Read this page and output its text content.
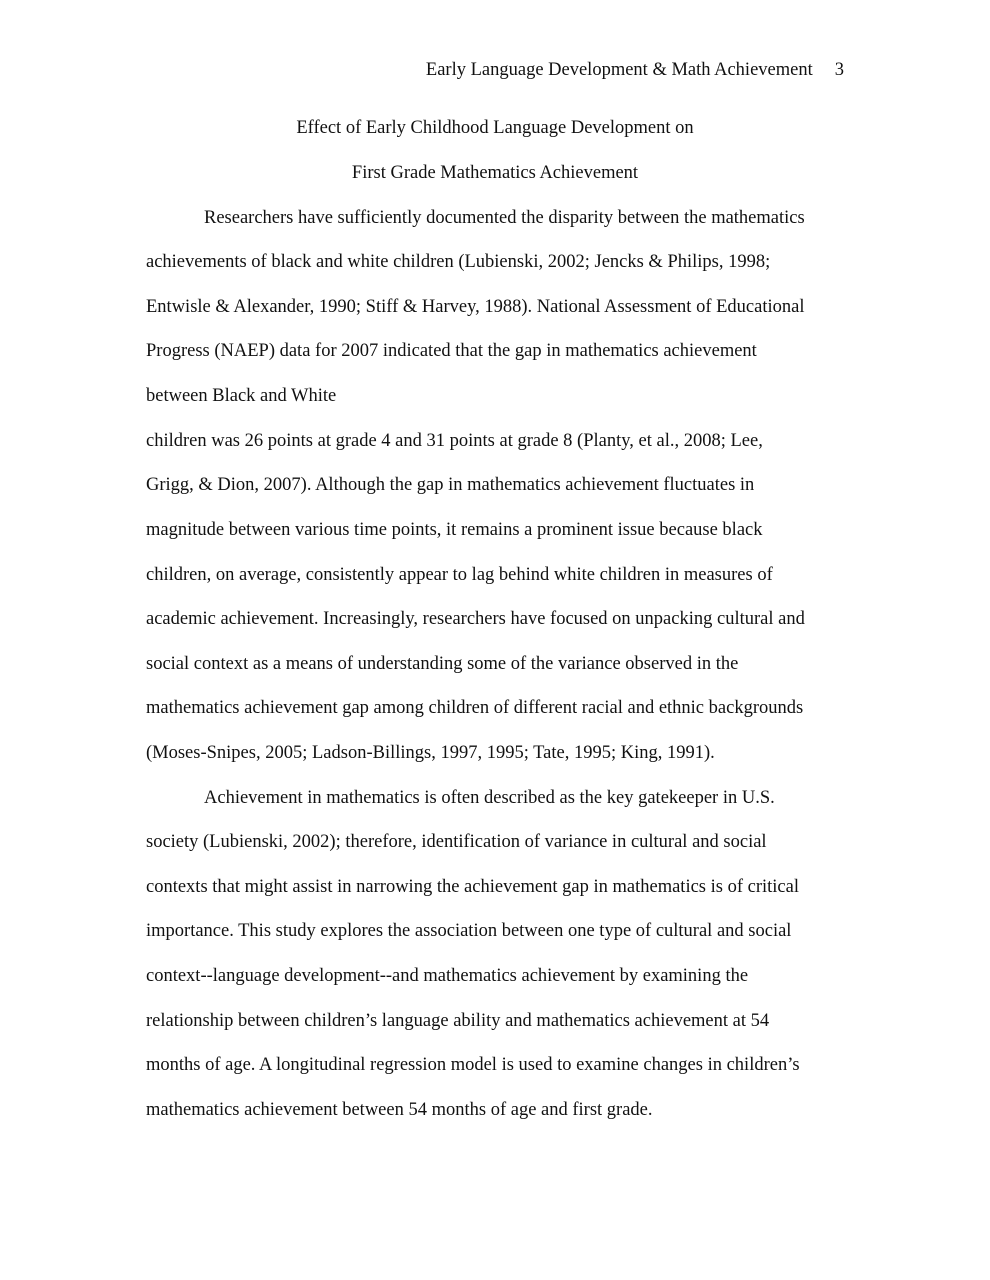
Early Language Development & Math Achievement 3
Effect of Early Childhood Language Development on
First Grade Mathematics Achievement
Researchers have sufficiently documented the disparity between the mathematics
achievements of black and white children (Lubienski, 2002; Jencks & Philips, 1998;
Entwisle & Alexander, 1990; Stiff & Harvey, 1988). National Assessment of Educational
Progress (NAEP) data for 2007 indicated that the gap in mathematics achievement
between Black and White
children was 26 points at grade 4 and 31 points at grade 8 (Planty, et al., 2008; Lee,
Grigg, & Dion, 2007). Although the gap in mathematics achievement fluctuates in
magnitude between various time points, it remains a prominent issue because black
children, on average, consistently appear to lag behind white children in measures of
academic achievement. Increasingly, researchers have focused on unpacking cultural and
social context as a means of understanding some of the variance observed in the
mathematics achievement gap among children of different racial and ethnic backgrounds
(Moses-Snipes, 2005; Ladson-Billings, 1997, 1995; Tate, 1995; King, 1991).
Achievement in mathematics is often described as the key gatekeeper in U.S.
society (Lubienski, 2002); therefore, identification of variance in cultural and social
contexts that might assist in narrowing the achievement gap in mathematics is of critical
importance. This study explores the association between one type of cultural and social
context--language development--and mathematics achievement by examining the
relationship between children’s language ability and mathematics achievement at 54
months of age. A longitudinal regression model is used to examine changes in children’s
mathematics achievement between 54 months of age and first grade.
